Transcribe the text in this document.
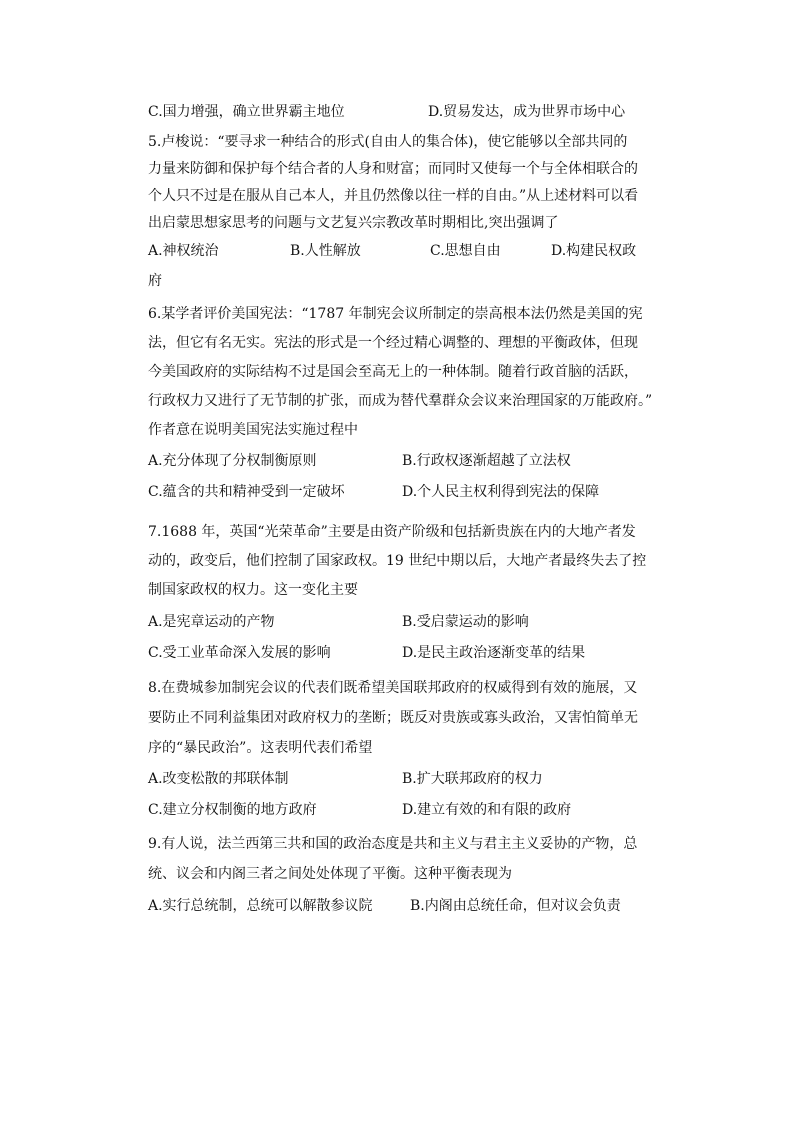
C.国力增强，确立世界霸主地位	D.贸易发达，成为世界市场中心
5.卢梭说：“要寻求一种结合的形式(自由人的集合体)，使它能够以全部共同的
力量来防御和保护每个结合者的人身和财富；而同时又使每一个与全体相联合的
个人只不过是在服从自己本人，并且仍然像以往一样的自由。”从上述材料可以看
出启蒙思想家思考的问题与文艺复兴宗教改革时期相比,突出强调了
A.神权统治	B.人性解放	C.思想自由	D.构建民权政
府
6.某学者评价美国宪法：“1787 年制宪会议所制定的崇高根本法仍然是美国的宪
法，但它有名无实。宪法的形式是一个经过精心调整的、理想的平衡政体，但现
今美国政府的实际结构不过是国会至高无上的一种体制。随着行政首脑的活跃，
行政权力又进行了无节制的扩张，而成为替代羣群众会议来治理国家的万能政府。”
作者意在说明美国宪法实施过程中
A.充分体现了分权制衡原则	B.行政权逐渐超越了立法权
C.蕴含的共和精神受到一定破坏	D.个人民主权利得到宪法的保障
7.1688 年，英国“光荣革命”主要是由资产阶级和包括新贵族在内的大地产者发
动的，政变后，他们控制了国家政权。19 世纪中期以后，大地产者最终失去了控
制国家政权的权力。这一变化主要
A.是宪章运动的产物	B.受启蒙运动的影响
C.受工业革命深入发展的影响	D.是民主政治逐渐变革的结果
8.在费城参加制宪会议的代表们既希望美国联邦政府的权威得到有效的施展，又
要防止不同利益集团对政府权力的垄断；既反对贵族或寡头政治，又害怕简单无
序的“暴民政治”。这表明代表们希望
A.改变松散的邦联体制	B.扩大联邦政府的权力
C.建立分权制衡的地方政府	D.建立有效的和有限的政府
9.有人说，法兰西第三共和国的政治态度是共和主义与君主主义妥协的产物，总
统、议会和内阁三者之间处处体现了平衡。这种平衡表现为
A.实行总统制，总统可以解散参议院	B.内阁由总统任命，但对议会负责
